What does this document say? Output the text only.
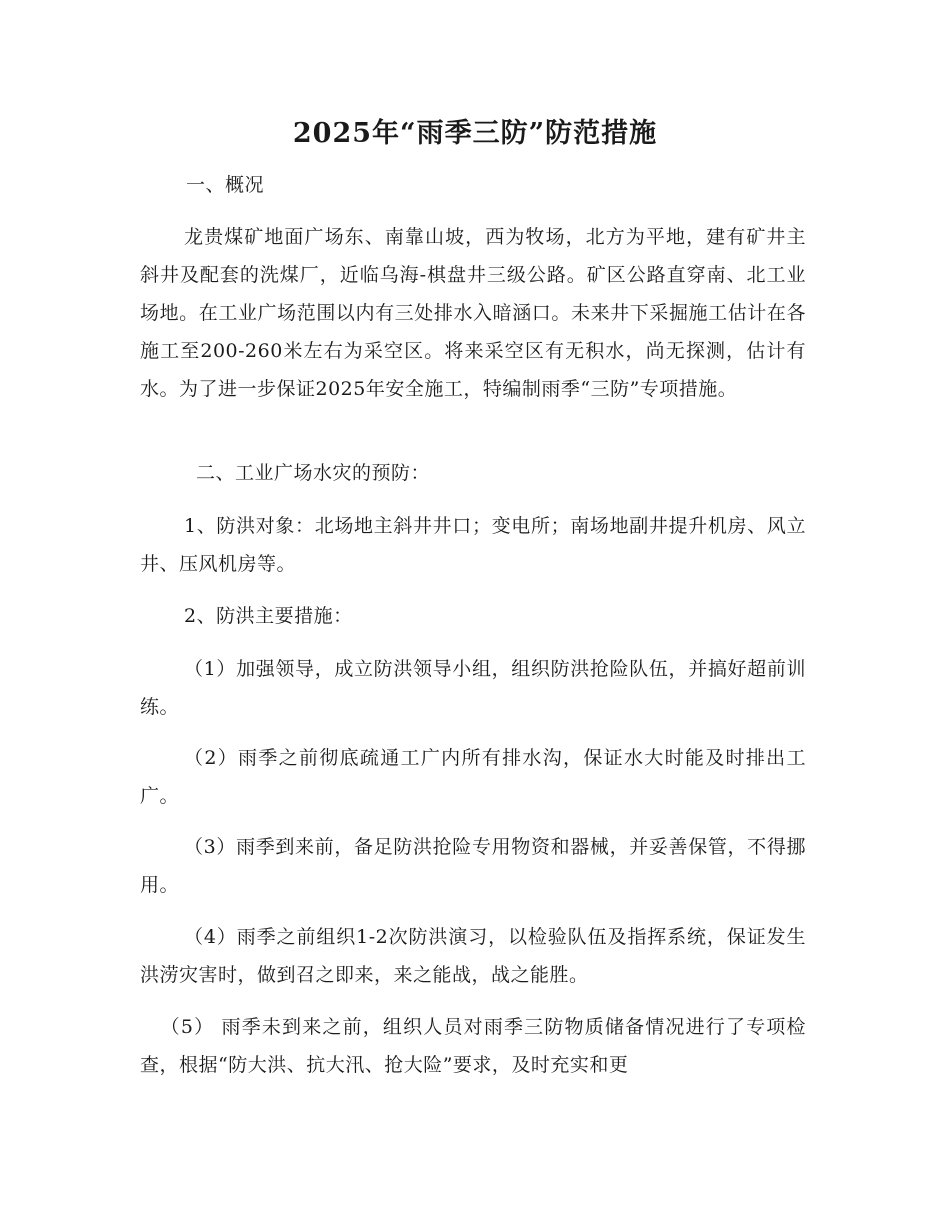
2025年“雨季三防”防范措施
一、概况
龙贵煤矿地面广场东、南靠山坡，西为牧场，北方为平地，建有矿井主斜井及配套的洗煤厂，近临乌海-棋盘井三级公路。矿区公路直穿南、北工业场地。在工业广场范围以内有三处排水入暗涵口。未来井下采掘施工估计在各施工至200-260米左右为采空区。将来采空区有无积水，尚无探测，估计有水。为了进一步保证2025年安全施工，特编制雨季“三防”专项措施。
二、工业广场水灾的预防：
1、防洪对象：北场地主斜井井口；变电所；南场地副井提升机房、风立井、压风机房等。
2、防洪主要措施：
（1）加强领导，成立防洪领导小组，组织防洪抢险队伍，并搞好超前训练。
（2）雨季之前彻底疏通工广内所有排水沟，保证水大时能及时排出工广。
（3）雨季到来前，备足防洪抢险专用物资和器械，并妥善保管，不得挪用。
（4）雨季之前组织1-2次防洪演习，以检验队伍及指挥系统，保证发生洪涝灾害时，做到召之即来，来之能战，战之能胜。
（5） 雨季未到来之前，组织人员对雨季三防物质储备情况进行了专项检查，根据“防大洪、抗大汛、抢大险”要求，及时充实和更
